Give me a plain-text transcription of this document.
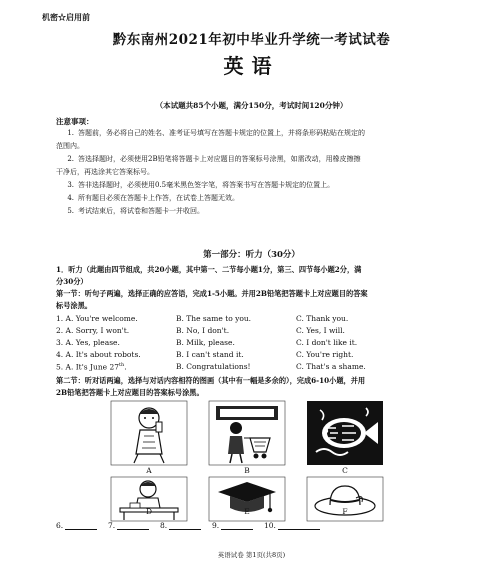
机密☆启用前
黔东南州2021年初中毕业升学统一考试试卷
英语
（本试题共85个小题，满分150分，考试时间120分钟）
注意事项：
1. 答题前，务必将自己的姓名、准考证号填写在答题卡规定的位置上，并将条形码粘贴在规定的
范围内。
2. 答选择题时，必须使用2B铅笔将答题卡上对应题目的答案标号涂黑，如需改动，用橡皮擦擦
干净后，再选涂其它答案标号。
3. 答非选择题时，必须使用0.5毫米黑色签字笔，将答案书写在答题卡规定的位置上。
4. 所有题目必须在答题卡上作答，在试卷上答题无效。
5. 考试结束后，将试卷和答题卡一并收回。
第一部分：听力（30分）
1．听力（此题由四节组成，共20小题，其中第一、二节每小题1分，第三、四节每小题2分，满
分30分）
第一节：听句子两遍，选择正确的应答语，完成1-5小题。并用2B铅笔把答题卡上对应题目的答案
标号涂黑。
1. A. You're welcome.	B. The same to you.	C. Thank you.
2. A. Sorry, I won't.	B. No, I don't.	C. Yes, I will.
3. A. Yes, please.	B. Milk, please.	C. I don't like it.
4. A. It's about robots.	B. I can't stand it.	C. You're right.
5. A. It's June 27th.	B. Congratulations!	C. That's a shame.
第二节：听对话两遍，选择与对话内容相符的图画（其中有一幅是多余的），完成6-10小题，并用
2B铅笔把答题卡上对应题目的答案标号涂黑。
A	B	C
D	E	F
6.	7.	8.	9.	10.
英语试卷 第1页(共8页)
